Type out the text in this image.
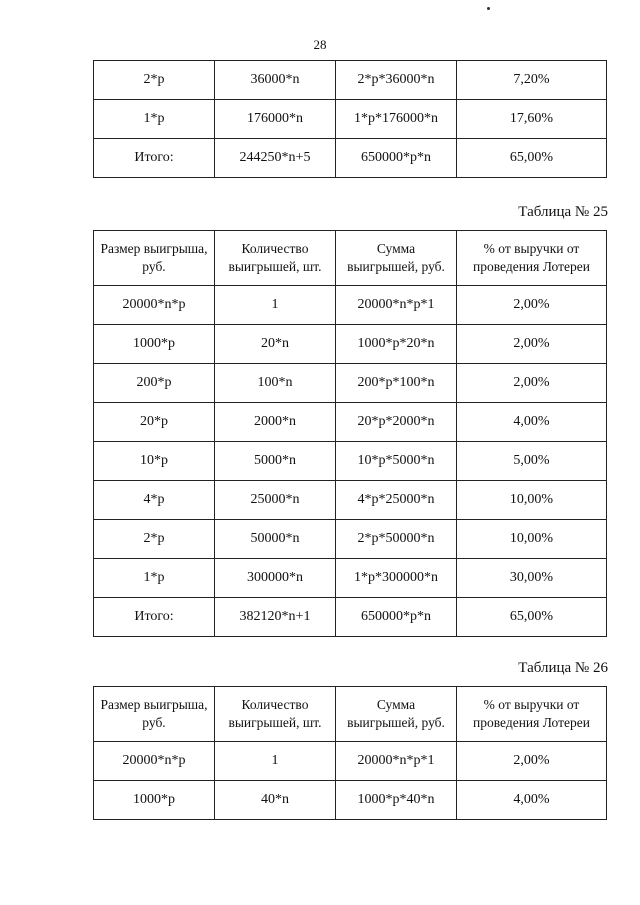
28
2*р	36000*n	2*р*36000*n	7,20%
1*р	176000*n	1*р*176000*n	17,60%
Итого:	244250*n+5	650000*р*n	65,00%
Таблица № 25
Размер выигрыша, руб.	Количество выигрышей, шт.	Сумма выигрышей, руб.	% от выручки от проведения Лотереи
20000*n*р	1	20000*n*р*1	2,00%
1000*р	20*n	1000*р*20*n	2,00%
200*р	100*n	200*р*100*n	2,00%
20*р	2000*n	20*р*2000*n	4,00%
10*р	5000*n	10*р*5000*n	5,00%
4*р	25000*n	4*р*25000*n	10,00%
2*р	50000*n	2*р*50000*n	10,00%
1*р	300000*n	1*р*300000*n	30,00%
Итого:	382120*n+1	650000*р*n	65,00%
Таблица № 26
Размер выигрыша, руб.	Количество выигрышей, шт.	Сумма выигрышей, руб.	% от выручки от проведения Лотереи
20000*n*р	1	20000*n*р*1	2,00%
1000*р	40*n	1000*р*40*n	4,00%
